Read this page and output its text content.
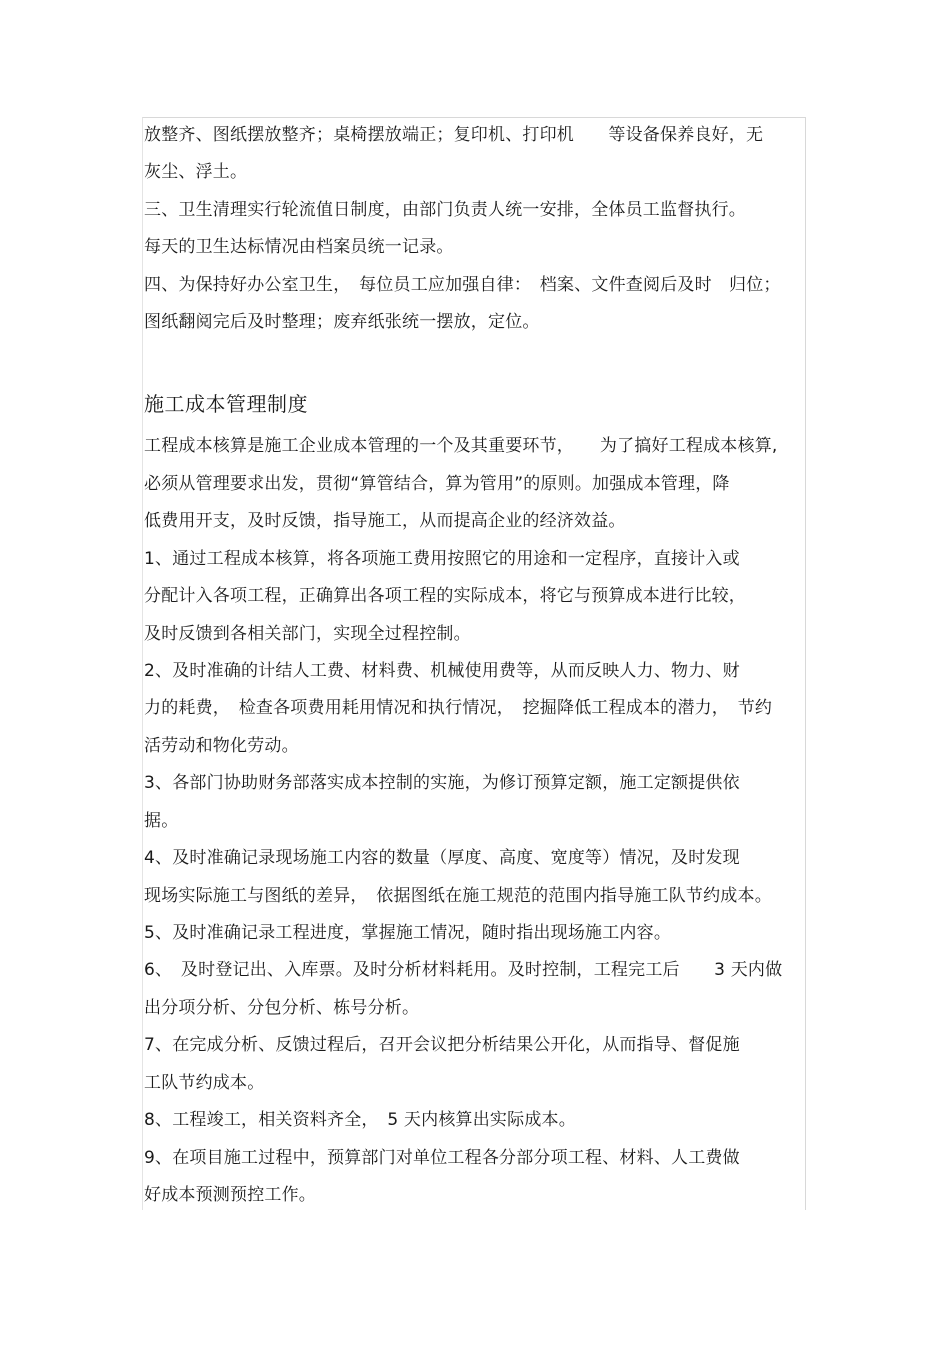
放整齐、图纸摆放整齐；桌椅摆放端正；复印机、打印机　　等设备保养良好，无
灰尘、浮土。
三、卫生清理实行轮流值日制度，由部门负责人统一安排，全体员工监督执行。
每天的卫生达标情况由档案员统一记录。
四、为保持好办公室卫生，　每位员工应加强自律：　档案、文件查阅后及时　归位；
图纸翻阅完后及时整理；废弃纸张统一摆放，定位。
施工成本管理制度
工程成本核算是施工企业成本管理的一个及其重要环节，　　为了搞好工程成本核算,
必须从管理要求出发，贯彻“算管结合，算为管用”的原则。加强成本管理，降
低费用开支，及时反馈，指导施工，从而提高企业的经济效益。
1、通过工程成本核算，将各项施工费用按照它的用途和一定程序，直接计入或
分配计入各项工程，正确算出各项工程的实际成本，将它与预算成本进行比较，
及时反馈到各相关部门，实现全过程控制。
2、及时准确的计结人工费、材料费、机械使用费等，从而反映人力、物力、财
力的耗费，　检查各项费用耗用情况和执行情况，　挖掘降低工程成本的潜力，　节约
活劳动和物化劳动。
3、各部门协助财务部落实成本控制的实施，为修订预算定额，施工定额提供依
据。
4、及时准确记录现场施工内容的数量（厚度、高度、宽度等）情况，及时发现
现场实际施工与图纸的差异，　依据图纸在施工规范的范围内指导施工队节约成本。
5、及时准确记录工程进度，掌握施工情况，随时指出现场施工内容。
6、　及时登记出、入库票。及时分析材料耗用。及时控制，工程完工后　　3 天内做
出分项分析、分包分析、栋号分析。
7、在完成分析、反馈过程后，召开会议把分析结果公开化，从而指导、督促施
工队节约成本。
8、工程竣工，相关资料齐全，　5 天内核算出实际成本。
9、在项目施工过程中，预算部门对单位工程各分部分项工程、材料、人工费做
好成本预测预控工作。
